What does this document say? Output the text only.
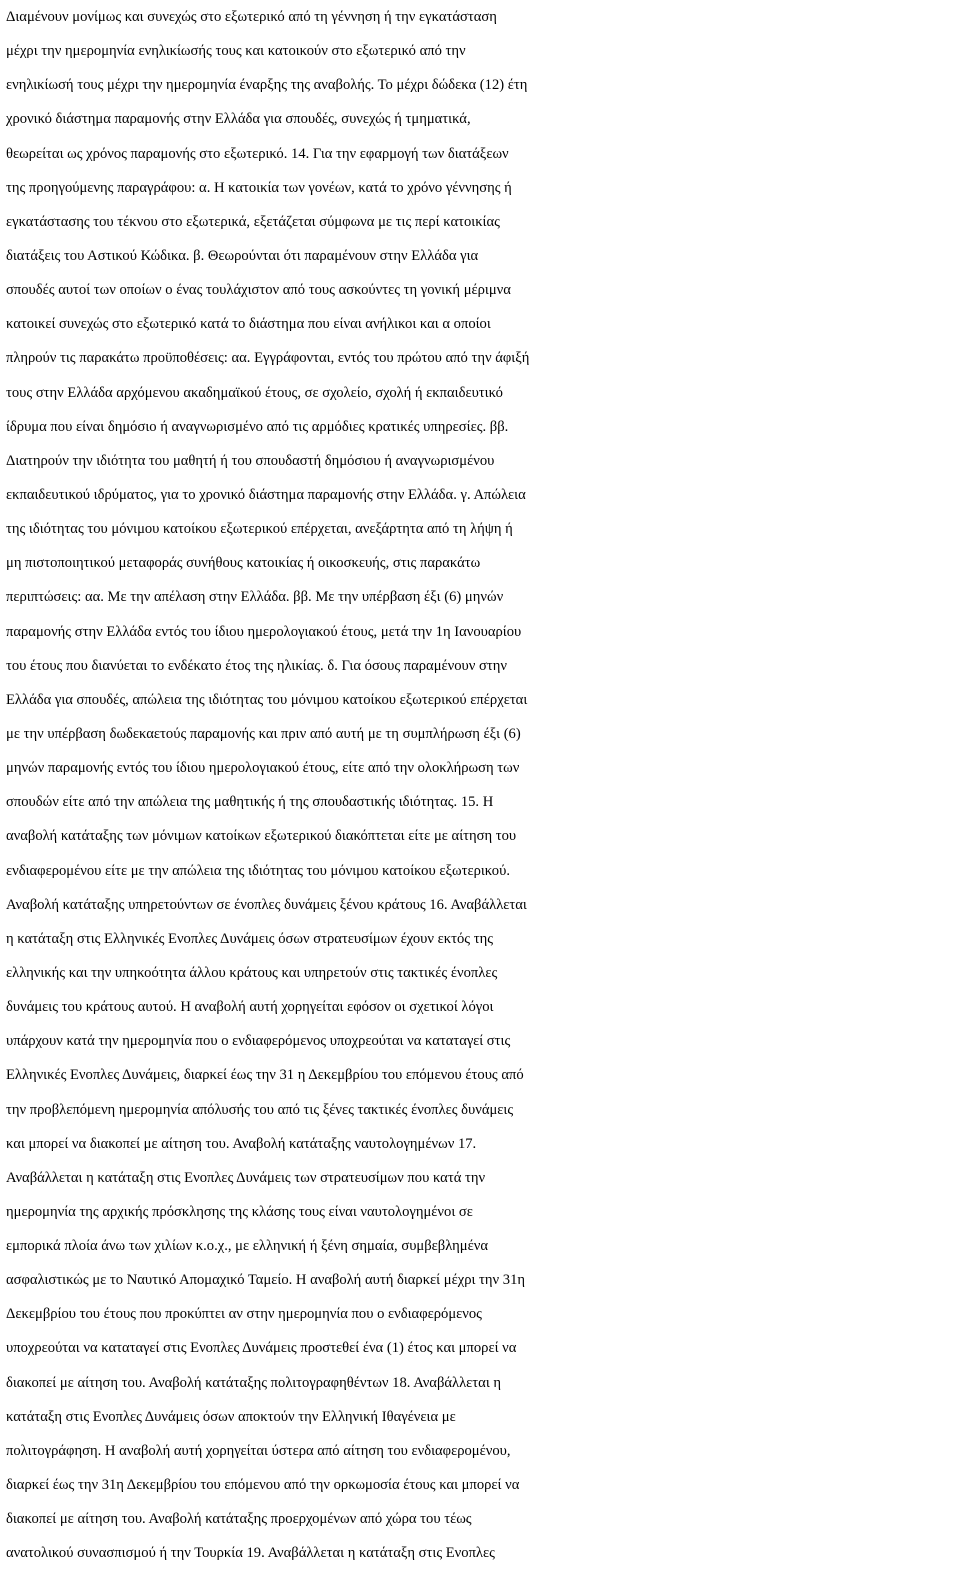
Διαμένουν μονίμως και συνεχώς στο εξωτερικό από τη γέννηση ή την εγκατάσταση
μέχρι την ημερομηνία ενηλικίωσής τους και κατοικούν στο εξωτερικό από την
ενηλικίωσή τους μέχρι την ημερομηνία έναρξης της αναβολής. Το μέχρι δώδεκα (12) έτη
χρονικό διάστημα παραμονής στην Ελλάδα για σπουδές, συνεχώς ή τμηματικά,
θεωρείται ως χρόνος παραμονής στο εξωτερικό. 14. Για την εφαρμογή των διατάξεων
της προηγούμενης παραγράφου: α. Η κατοικία των γονέων, κατά το χρόνο γέννησης ή
εγκατάστασης του τέκνου στο εξωτερικά, εξετάζεται σύμφωνα με τις περί κατοικίας
διατάξεις του Αστικού Κώδικα. β. Θεωρούνται ότι παραμένουν στην Ελλάδα για
σπουδές αυτοί των οποίων ο ένας τουλάχιστον από τους ασκούντες τη γονική μέριμνα
κατοικεί συνεχώς στο εξωτερικό κατά το διάστημα που είναι ανήλικοι και α οποίοι
πληρούν τις παρακάτω προϋποθέσεις: αα. Εγγράφονται, εντός του πρώτου από την άφιξή
τους στην Ελλάδα αρχόμενου ακαδημαϊκού έτους, σε σχολείο, σχολή ή εκπαιδευτικό
ίδρυμα που είναι δημόσιο ή αναγνωρισμένο από τις αρμόδιες κρατικές υπηρεσίες. ββ.
Διατηρούν την ιδιότητα του μαθητή ή του σπουδαστή δημόσιου ή αναγνωρισμένου
εκπαιδευτικού ιδρύματος, για το χρονικό διάστημα παραμονής στην Ελλάδα. γ. Απώλεια
της ιδιότητας του μόνιμου κατοίκου εξωτερικού επέρχεται, ανεξάρτητα από τη λήψη ή
μη πιστοποιητικού μεταφοράς συνήθους κατοικίας ή οικοσκευής, στις παρακάτω
περιπτώσεις: αα. Με την απέλαση στην Ελλάδα. ββ. Με την υπέρβαση έξι (6) μηνών
παραμονής στην Ελλάδα εντός του ίδιου ημερολογιακού έτους, μετά την 1η Ιανουαρίου
του έτους που διανύεται το ενδέκατο έτος της ηλικίας. δ. Για όσους παραμένουν στην
Ελλάδα για σπουδές, απώλεια της ιδιότητας του μόνιμου κατοίκου εξωτερικού επέρχεται
με την υπέρβαση δωδεκαετούς παραμονής και πριν από αυτή με τη συμπλήρωση έξι (6)
μηνών παραμονής εντός του ίδιου ημερολογιακού έτους, είτε από την ολοκλήρωση των
σπουδών είτε από την απώλεια της μαθητικής ή της σπουδαστικής ιδιότητας. 15. Η
αναβολή κατάταξης των μόνιμων κατοίκων εξωτερικού διακόπτεται είτε με αίτηση του
ενδιαφερομένου είτε με την απώλεια της ιδιότητας του μόνιμου κατοίκου εξωτερικού.
Αναβολή κατάταξης υπηρετούντων σε ένοπλες δυνάμεις ξένου κράτους 16. Αναβάλλεται
η κατάταξη στις Ελληνικές Ενοπλες Δυνάμεις όσων στρατευσίμων έχουν εκτός της
ελληνικής και την υπηκοότητα άλλου κράτους και υπηρετούν στις τακτικές ένοπλες
δυνάμεις του κράτους αυτού. Η αναβολή αυτή χορηγείται εφόσον οι σχετικοί λόγοι
υπάρχουν κατά την ημερομηνία που ο ενδιαφερόμενος υποχρεούται να καταταγεί στις
Ελληνικές Ενοπλες Δυνάμεις, διαρκεί έως την 31 η Δεκεμβρίου του επόμενου έτους από
την προβλεπόμενη ημερομηνία απόλυσής του από τις ξένες τακτικές ένοπλες δυνάμεις
και μπορεί να διακοπεί με αίτηση του. Αναβολή κατάταξης ναυτολογημένων 17.
Αναβάλλεται η κατάταξη στις Ενοπλες Δυνάμεις των στρατευσίμων που κατά την
ημερομηνία της αρχικής πρόσκλησης της κλάσης τους είναι ναυτολογημένοι σε
εμπορικά πλοία άνω των χιλίων κ.ο.χ., με ελληνική ή ξένη σημαία, συμβεβλημένα
ασφαλιστικώς με το Ναυτικό Απομαχικό Ταμείο. Η αναβολή αυτή διαρκεί μέχρι την 31η
Δεκεμβρίου του έτους που προκύπτει αν στην ημερομηνία που ο ενδιαφερόμενος
υποχρεούται να καταταγεί στις Ενοπλες Δυνάμεις προστεθεί ένα (1) έτος και μπορεί να
διακοπεί με αίτηση του. Αναβολή κατάταξης πολιτογραφηθέντων 18. Αναβάλλεται η
κατάταξη στις Ενοπλες Δυνάμεις όσων αποκτούν την Ελληνική Ιθαγένεια με
πολιτογράφηση. Η αναβολή αυτή χορηγείται ύστερα από αίτηση του ενδιαφερομένου,
διαρκεί έως την 31η Δεκεμβρίου του επόμενου από την ορκωμοσία έτους και μπορεί να
διακοπεί με αίτηση του. Αναβολή κατάταξης προερχομένων από χώρα του τέως
ανατολικού συνασπισμού ή την Τουρκία 19. Αναβάλλεται η κατάταξη στις Ενοπλες
